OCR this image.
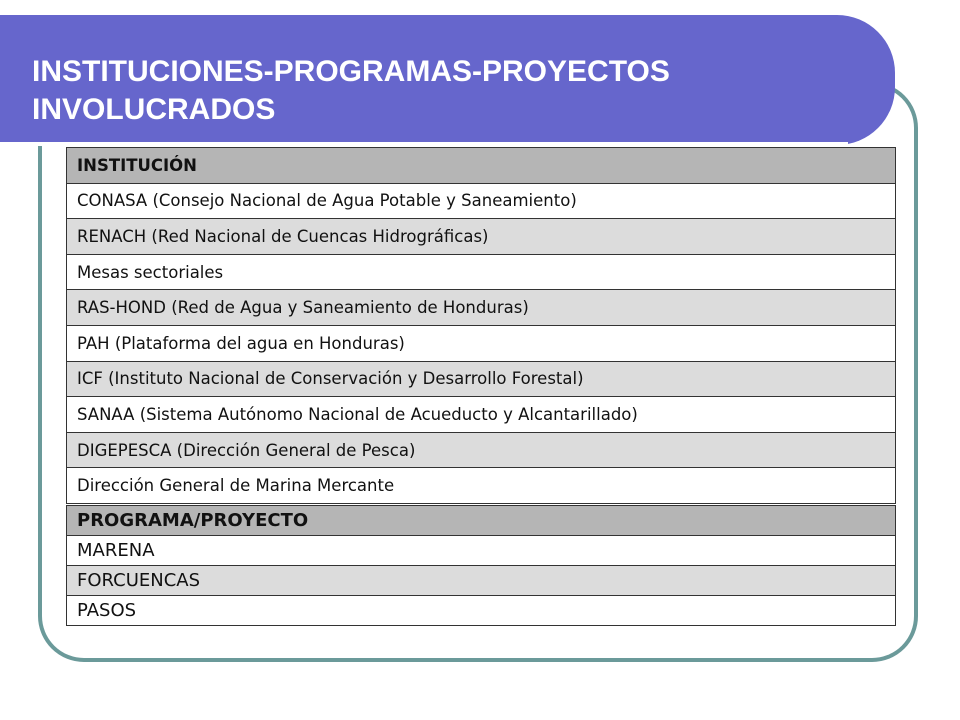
INSTITUCIONES-PROGRAMAS-PROYECTOS
INVOLUCRADOS
INSTITUCIÓN
CONASA (Consejo Nacional de Agua Potable y Saneamiento)
RENACH (Red Nacional de Cuencas Hidrográficas)
Mesas sectoriales
RAS-HOND (Red de Agua y Saneamiento de Honduras)
PAH (Plataforma del agua en Honduras)
ICF (Instituto Nacional de Conservación y Desarrollo Forestal)
SANAA (Sistema Autónomo Nacional de Acueducto y Alcantarillado)
DIGEPESCA (Dirección General de Pesca)
Dirección General de Marina Mercante
PROGRAMA/PROYECTO
MARENA
FORCUENCAS
PASOS
